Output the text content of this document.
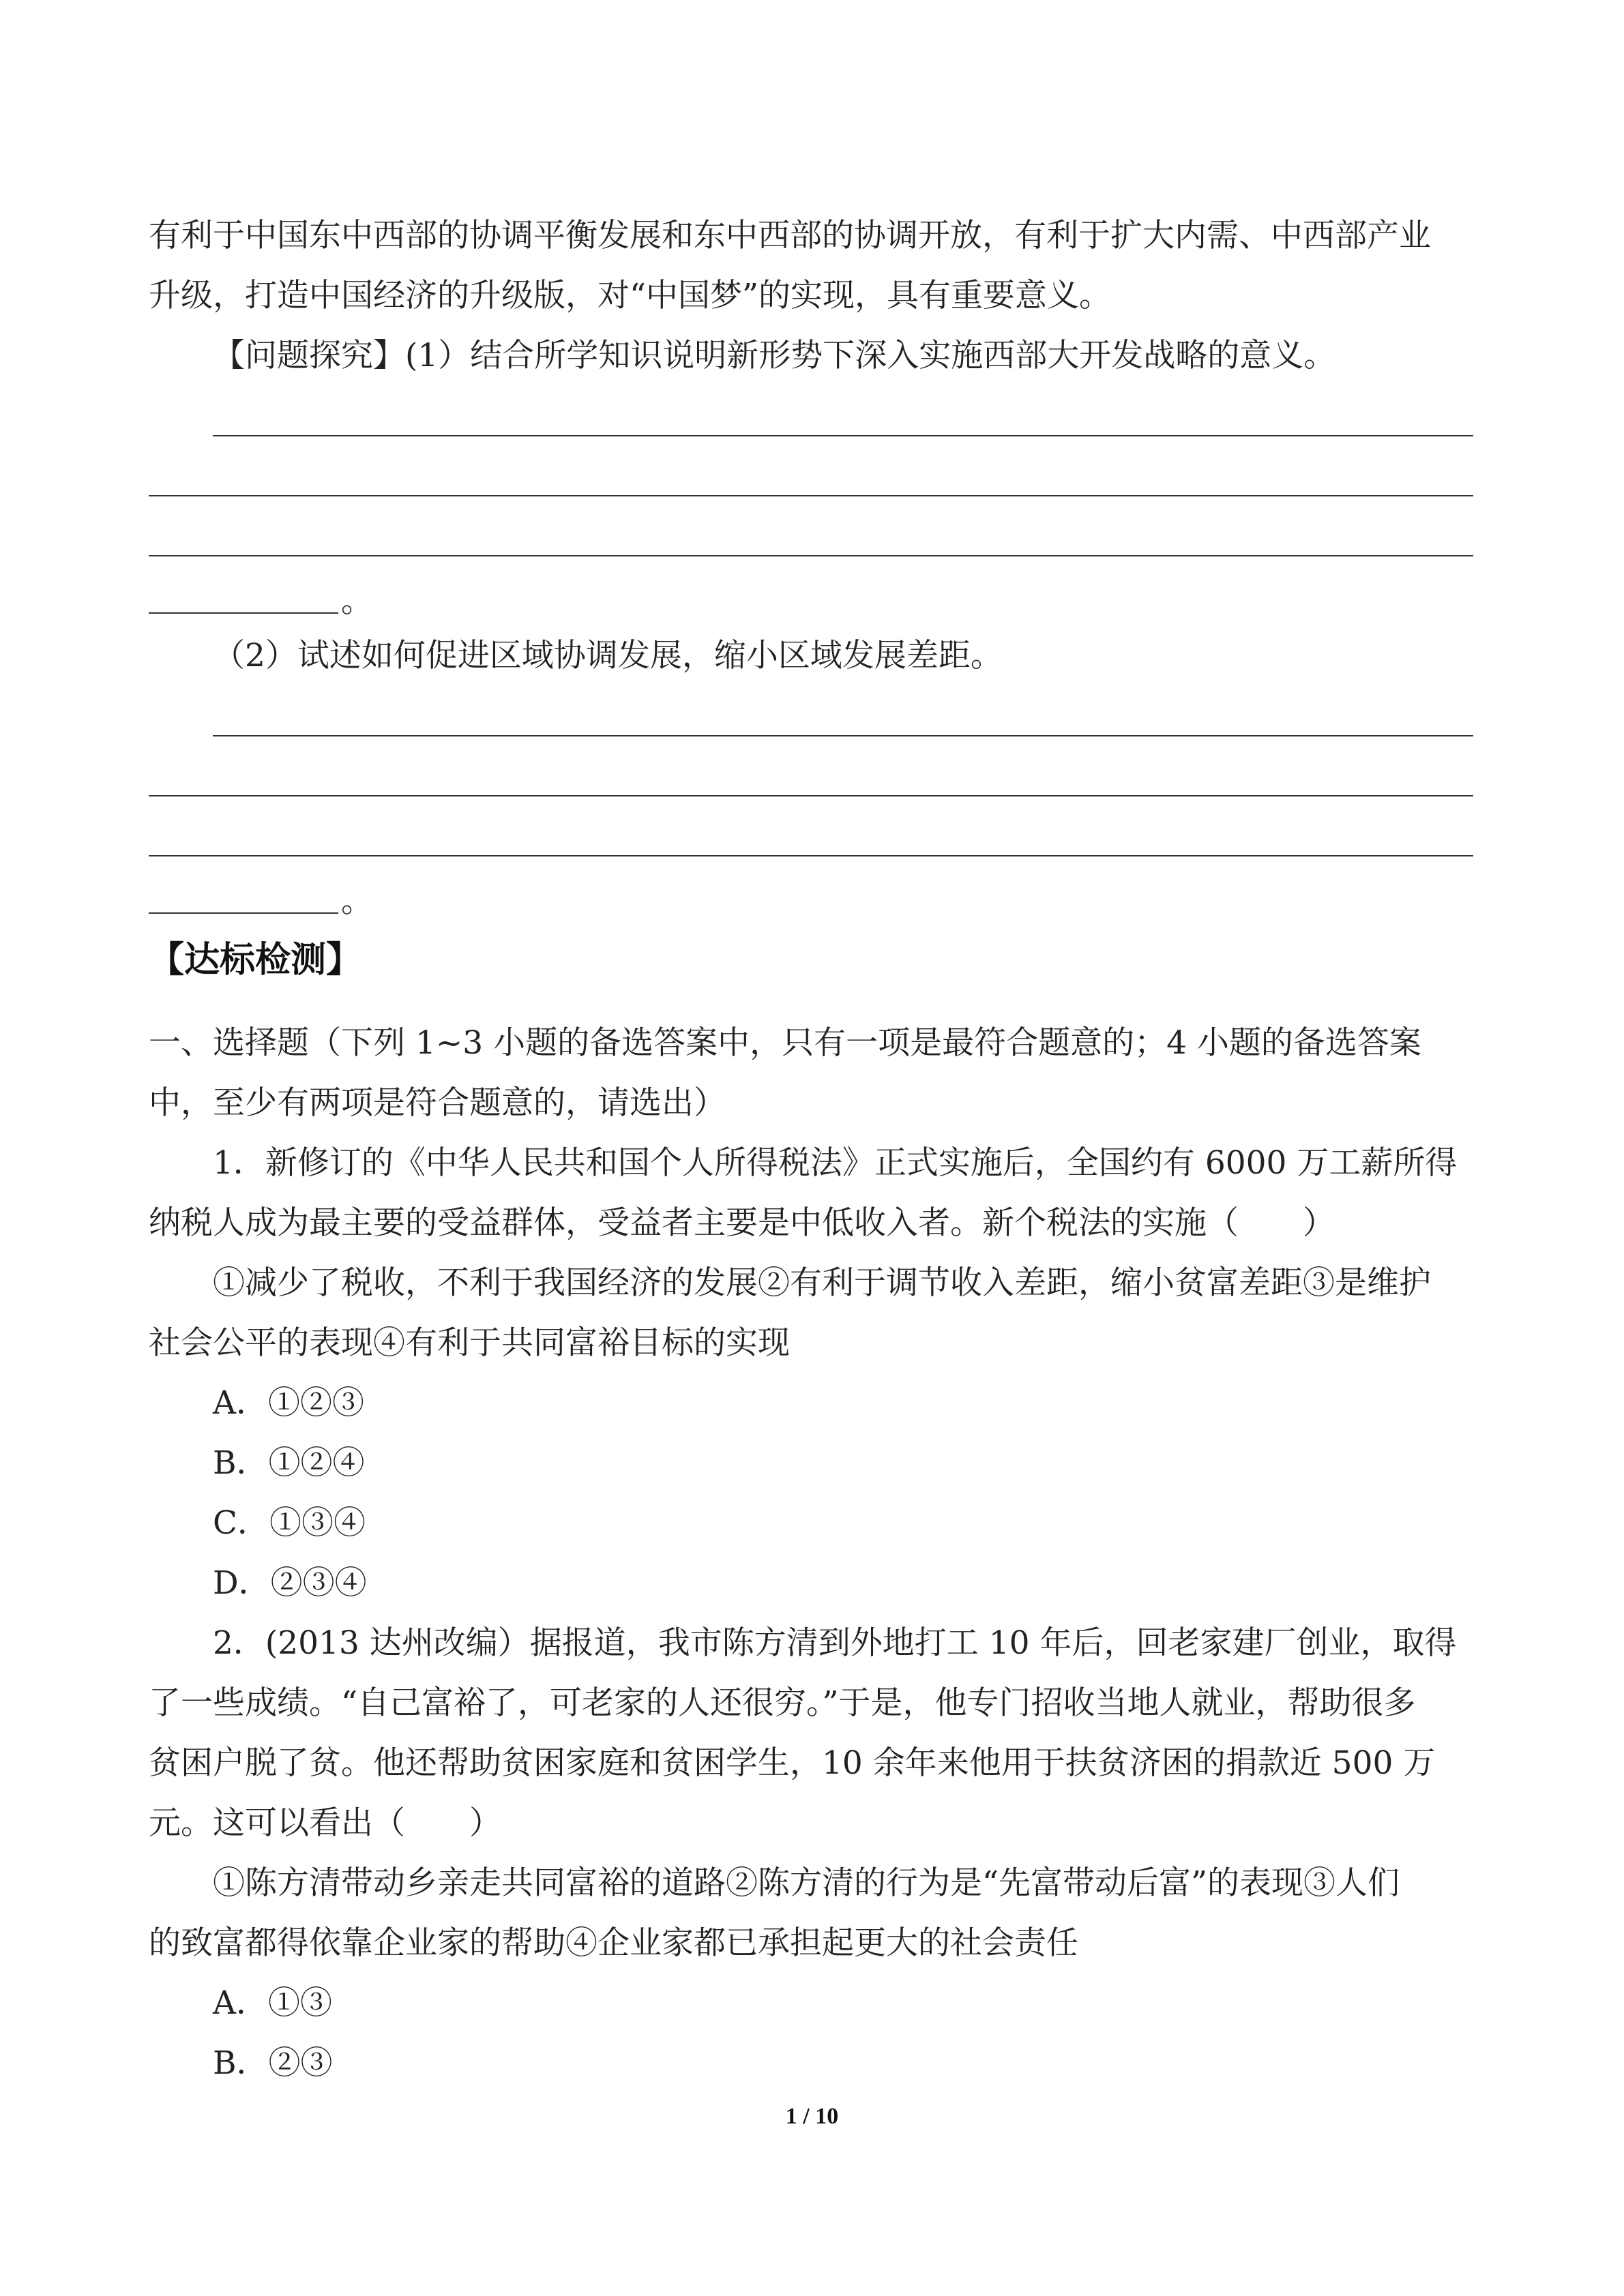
有利于中国东中西部的协调平衡发展和东中西部的协调开放，有利于扩大内需、中西部产业
升级，打造中国经济的升级版，对“中国梦”的实现，具有重要意义。
【问题探究】(1）结合所学知识说明新形势下深入实施西部大开发战略的意义。
。
（2）试述如何促进区域协调发展，缩小区域发展差距。
。
【达标检测】
一、选择题（下列 1~3 小题的备选答案中，只有一项是最符合题意的；4 小题的备选答案
中，至少有两项是符合题意的，请选出）
1．新修订的《中华人民共和国个人所得税法》正式实施后，全国约有 6000 万工薪所得
纳税人成为最主要的受益群体，受益者主要是中低收入者。新个税法的实施（　　）
①减少了税收，不利于我国经济的发展②有利于调节收入差距，缩小贫富差距③是维护
社会公平的表现④有利于共同富裕目标的实现
A．①②③
B．①②④
C．①③④
D．②③④
2．(2013 达州改编）据报道，我市陈方清到外地打工 10 年后，回老家建厂创业，取得
了一些成绩。“自己富裕了，可老家的人还很穷。”于是，他专门招收当地人就业，帮助很多
贫困户脱了贫。他还帮助贫困家庭和贫困学生，10 余年来他用于扶贫济困的捐款近 500 万
元。这可以看出（　　）
①陈方清带动乡亲走共同富裕的道路②陈方清的行为是“先富带动后富”的表现③人们
的致富都得依靠企业家的帮助④企业家都已承担起更大的社会责任
A．①③
B．②③
1 / 10
